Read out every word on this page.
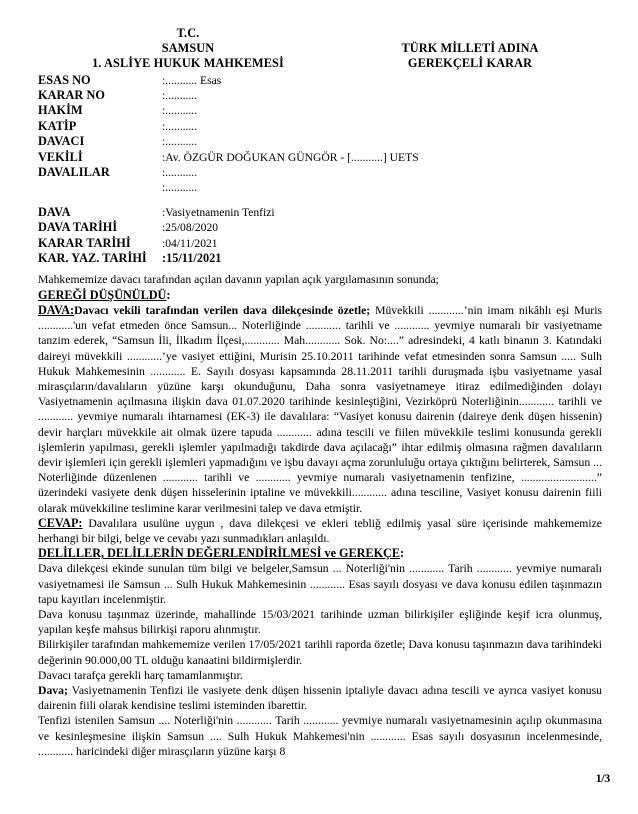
T.C.
SAMSUN
1. ASLİYE HUKUK MAHKEMESİ
TÜRK MİLLETİ ADINA
GEREKÇELİ KARAR
ESAS NO	:........... Esas
KARAR NO	:...........
HAKİM	:...........
KATİP	:...........
DAVACI	:...........
VEKİLİ	:Av. ÖZGÜR DOĞUKAN GÜNGÖR - [...........] UETS
DAVALILAR	:...........
:...........
DAVA	:Vasiyetnamenin Tenfizi
DAVA TARİHİ	:25/08/2020
KARAR TARİHİ	:04/11/2021
KAR. YAZ. TARİHİ	:15/11/2021

Mahkememize davacı tarafından açılan davanın yapılan açık yargılamasının sonunda;

GEREĞİ DÜŞÜNÜLDÜ:

DAVA:Davacı vekili tarafından verilen dava dilekçesinde özetle; Müvekkili ............’nin imam nikâhlı eşi Muris ............'un vefat etmeden önce Samsun... Noterliğinde ............ tarihli ve ............ yevmiye numaralı bir vasiyetname tanzim ederek, “Samsun İli, İlkadım İlçesi,............ Mah............ Sok. No:....” adresindeki, 4 katlı binanın 3. Katındaki daireyi müvekkili ............’ye vasiyet ettiğini, Murisin 25.10.2011 tarihinde vefat etmesinden sonra Samsun ..... Sulh Hukuk Mahkemesinin ............ E. Sayılı dosyası kapsamında 28.11.2011 tarihli duruşmada işbu vasiyetname yasal mirasçıların/davalıların yüzüne karşı okunduğunu, Daha sonra vasiyetnameye itiraz edilmediğinden dolayı Vasiyetnamenin açılmasına ilişkin dava 01.07.2020 tarihinde kesinleştiğini, Vezirköprü Noterliğinin............ tarihli ve ............ yevmiye numaralı ihtarnamesi (EK-3) ile davalılara: “Vasiyet konusu dairenin (daireye denk düşen hissenin) devir harçları müvekkile ait olmak üzere tapuda ............ adına tescili ve fiilen müvekkile teslimi konusunda gerekli işlemlerin yapılması, gerekli işlemler yapılmadığı takdirde dava açılacağı” ihtar edilmiş olmasına rağmen davalıların devir işlemleri için gerekli işlemleri yapmadığını ve işbu davayı açma zorunluluğu ortaya çıktığını belirterek, Samsun ... Noterliğinde düzenlenen ............ tarihli ve ............ yevmiye numaralı vasiyetnamenin tenfizine, ..........................” üzerindeki vasiyete denk düşen hisselerinin iptaline ve müvekkili............ adına tesciline, Vasiyet konusu dairenin fiili olarak müvekkiline teslimine karar verilmesini talep ve dava etmiştir.

CEVAP: Davalılara usulüne uygun , dava dilekçesi ve ekleri tebliğ edilmiş yasal süre içerisinde mahkememize herhangi bir bilgi, belge ve cevabı yazı sunmadıkları anlaşıldı.

DELİLLER, DELİLLERİN DEĞERLENDİRİLMESİ ve GEREKÇE:

Dava dilekçesi ekinde sunulan tüm bilgi ve belgeler,Samsun ... Noterliği'nin ............ Tarih ............ yevmiye numaralı vasiyetnamesi ile Samsun ... Sulh Hukuk Mahkemesinin ............ Esas sayılı dosyası ve dava konusu edilen taşınmazın tapu kayıtları incelenmiştir.

Dava konusu taşınmaz üzerinde, mahallinde 15/03/2021 tarihinde uzman bilirkişiler eşliğinde keşif icra olunmuş, yapılan keşfe mahsus bilirkişi raporu alınmıştır.

Bilirkişiler tarafından mahkememize verilen 17/05/2021 tarihli raporda özetle; Dava konusu taşınmazın dava tarihindeki değerinin 90.000,00 TL olduğu kanaatini bildirmişlerdir.

Davacı tarafça gerekli harç tamamlanmıştır.

Dava; Vasiyetnamenin Tenfizi ile vasiyete denk düşen hissenin iptaliyle davacı adına tescili ve ayrıca vasiyet konusu dairenin fiili olarak kendisine teslimi isteminden ibarettir.

Tenfizi istenilen Samsun .... Noterliği'nin ............ Tarih ............ yevmiye numaralı vasiyetnamesinin açılıp okunmasına ve kesinleşmesine ilişkin Samsun .... Sulh Hukuk Mahkemesi'nin ............ Esas sayılı dosyasının incelenmesinde, ............ haricindeki diğer mirasçıların yüzüne karşı 8

1/3
